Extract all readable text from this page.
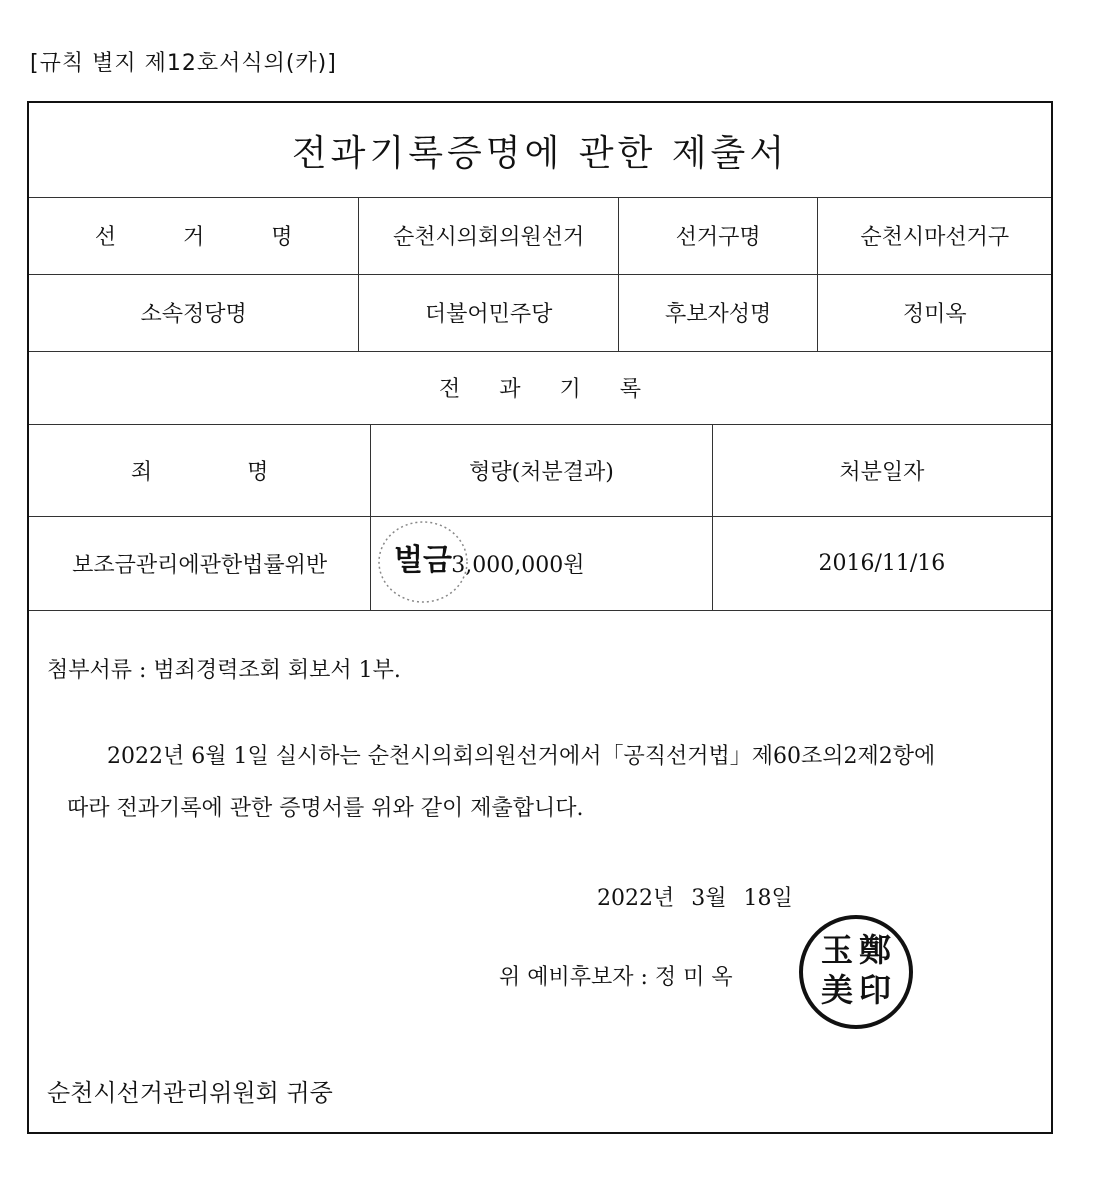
[규칙 별지 제12호서식의(카)]
전과기록증명에 관한 제출서
선 거 명	순천시의회의원선거	선거구명	순천시마선거구
소속정당명	더불어민주당	후보자성명	정미옥
전 과 기 록
죄 명	형량(처분결과)	처분일자
보조금관리에관한법률위반	벌금 3,000,000원	2016/11/16
첨부서류 : 범죄경력조회 회보서 1부.
2022년 6월 1일 실시하는 순천시의회의원선거에서「공직선거법」제60조의2제2항에
따라 전과기록에 관한 증명서를 위와 같이 제출합니다.
2022년 3월 18일
위 예비후보자 : 정 미 옥
鄭玉美 印
순천시선거관리위원회 귀중
